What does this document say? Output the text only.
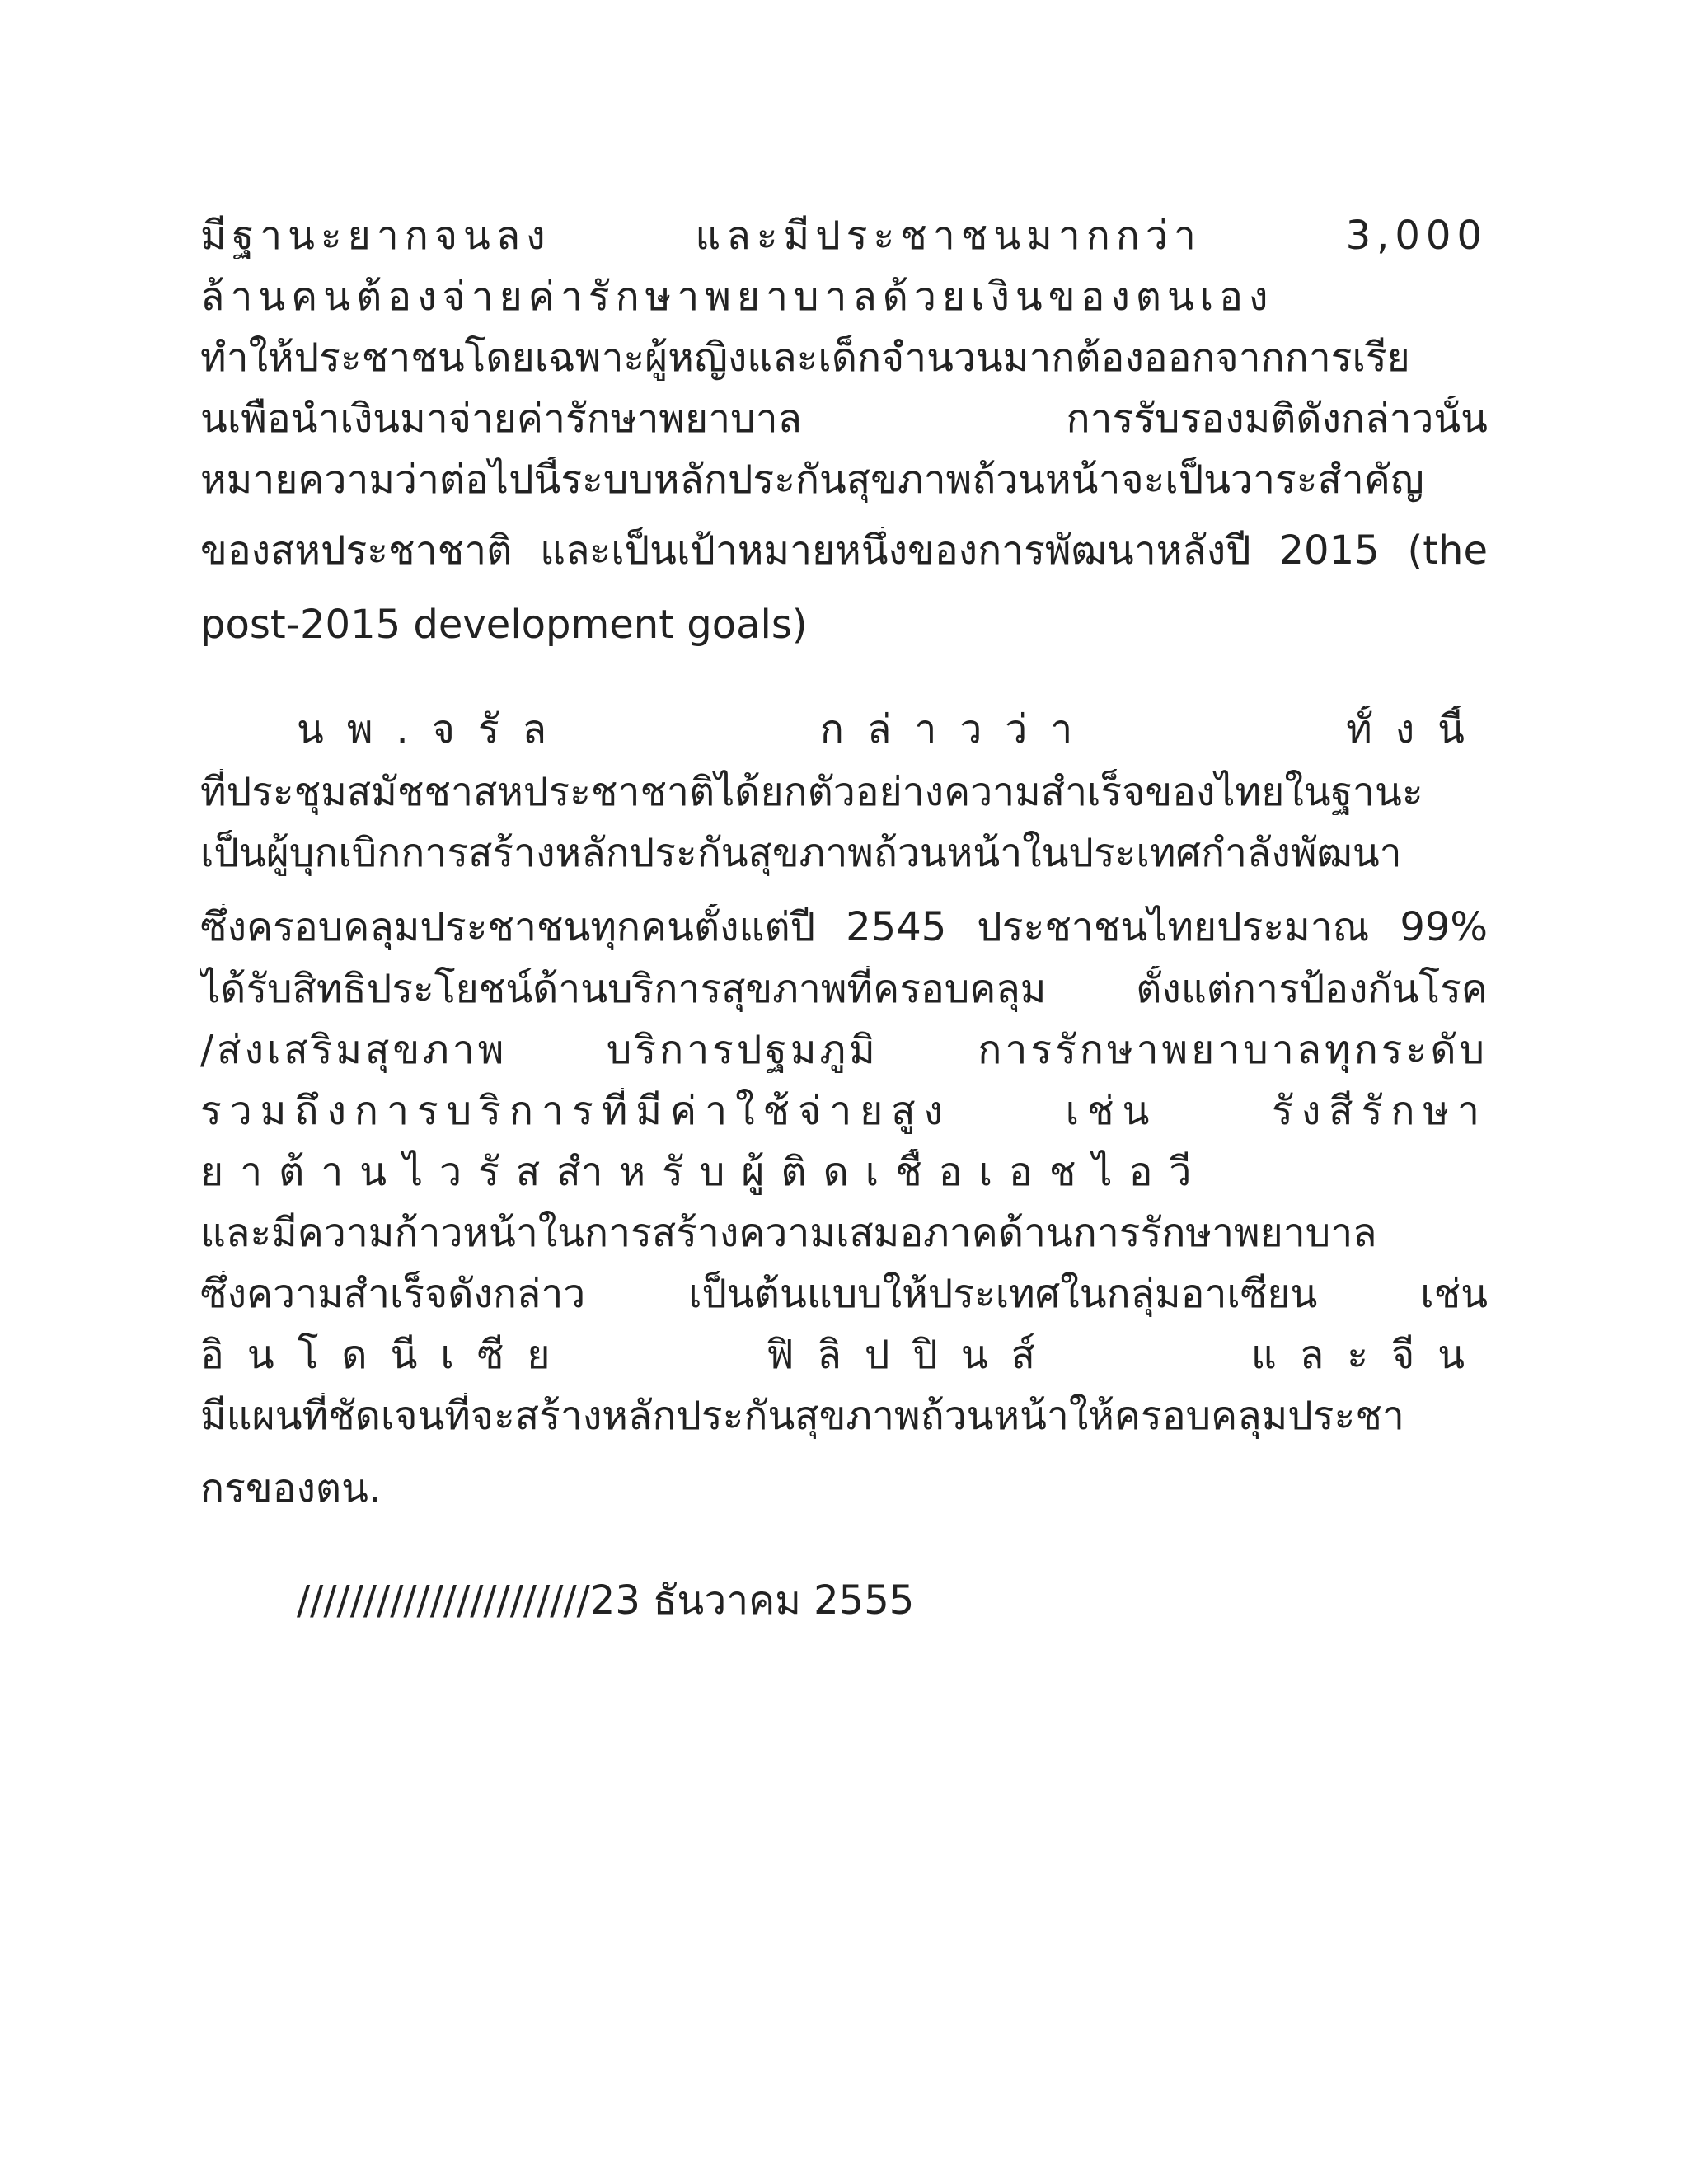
มีฐานะยากจนลง และมีประชาชนมากกว่า 3,000
ล้านคนต้องจ่ายค่ารักษาพยาบาลด้วยเงินของตนเอง
ทำให้ประชาชนโดยเฉพาะผู้หญิงและเด็กจำนวนมากต้องออกจากการเรีย
นเพื่อนำเงินมาจ่ายค่ารักษาพยาบาล การรับรองมติดังกล่าวนั้น
หมายความว่าต่อไปนี้ระบบหลักประกันสุขภาพถ้วนหน้าจะเป็นวาระสำคัญ
ของสหประชาชาติ และเป็นเป้าหมายหนึ่งของการพัฒนาหลังปี 2015 (the
post-2015 development goals)
นพ.จรัล กล่าวว่า ทั้งนี้
ที่ประชุมสมัชชาสหประชาชาติได้ยกตัวอย่างความสำเร็จของไทยในฐานะ
เป็นผู้บุกเบิกการสร้างหลักประกันสุขภาพถ้วนหน้าในประเทศกำลังพัฒนา
ซึ่งครอบคลุมประชาชนทุกคนตั้งแต่ปี 2545 ประชาชนไทยประมาณ 99%
ได้รับสิทธิประโยชน์ด้านบริการสุขภาพที่ครอบคลุม ตั้งแต่การป้องกันโรค
/ส่งเสริมสุขภาพ บริการปฐมภูมิ การรักษาพยาบาลทุกระดับ
รวมถึงการบริการที่มีค่าใช้จ่ายสูง เช่น รังสีรักษา
ยาต้านไวรัสสำหรับผู้ติดเชื้อเอชไอวี
และมีความก้าวหน้าในการสร้างความเสมอภาคด้านการรักษาพยาบาล
ซึ่งความสำเร็จดังกล่าว เป็นต้นแบบให้ประเทศในกลุ่มอาเซียน เช่น
อินโดนีเซีย ฟิลิปปินส์ และจีน
มีแผนที่ชัดเจนที่จะสร้างหลักประกันสุขภาพถ้วนหน้าให้ครอบคลุมประชา
กรของตน.
//////////////////////23 ธันวาคม 2555
